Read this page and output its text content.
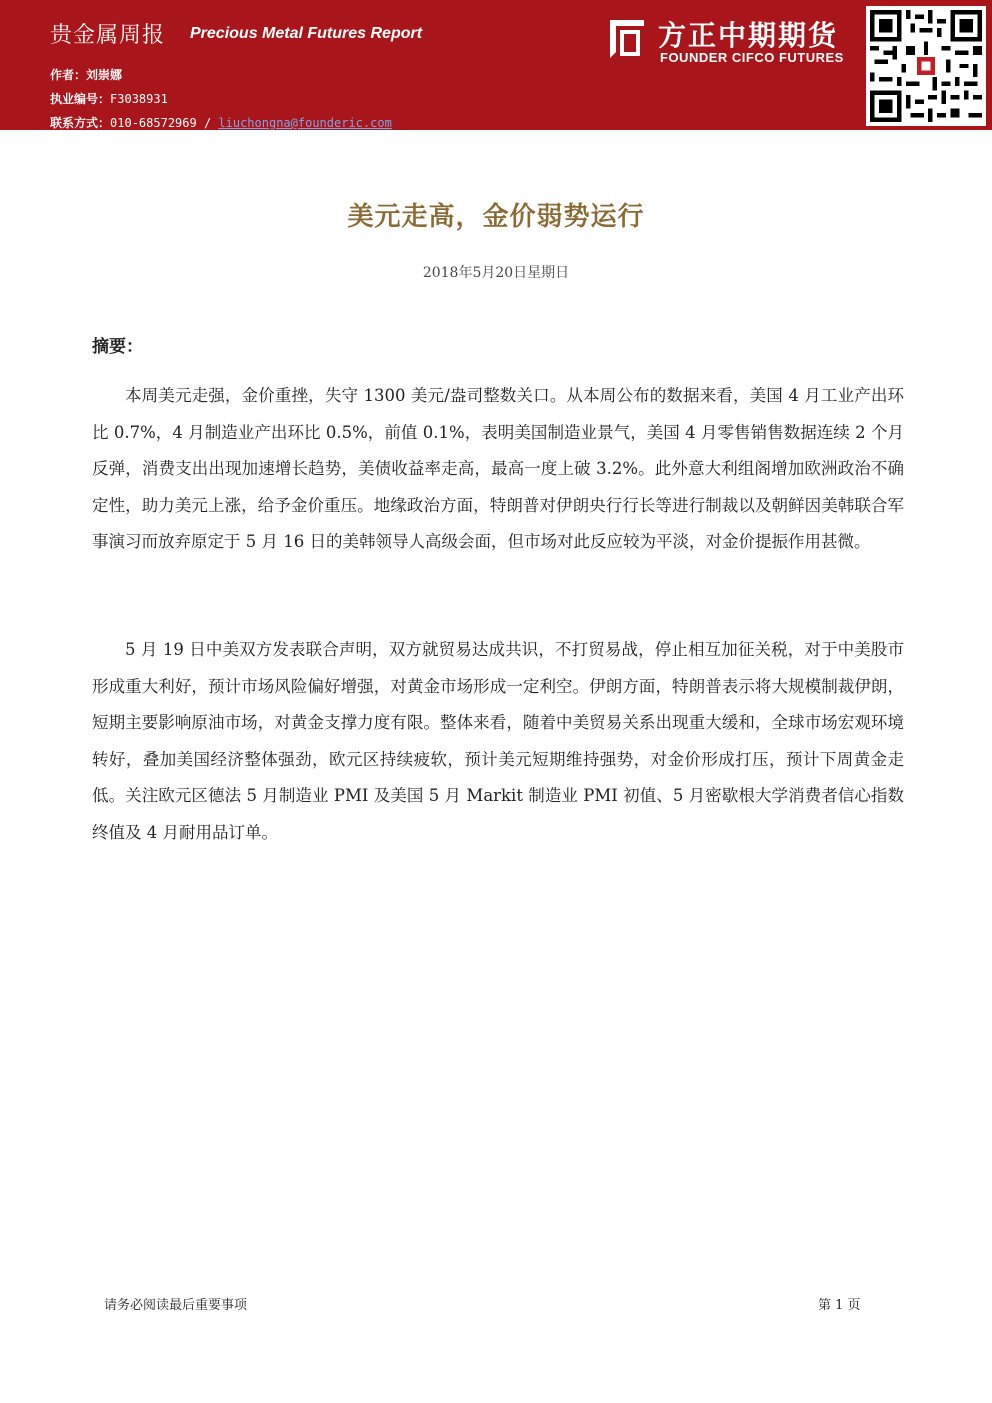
贵金属周报 Precious Metal Futures Report
作者：刘崇娜
执业编号：F3038931
联系方式：010-68572969 / liuchongna@founderic.com
方正中期期货
FOUNDER CIFCO FUTURES
美元走高，金价弱势运行
2018年5月20日星期日
摘要：

本周美元走强，金价重挫，失守 1300 美元/盎司整数关口。从本周公布的数据来看，美国 4 月工业产出环比 0.7%，4 月制造业产出环比 0.5%，前值 0.1%，表明美国制造业景气，美国 4 月零售销售数据连续 2 个月反弹，消费支出出现加速增长趋势，美债收益率走高，最高一度上破 3.2%。此外意大利组阁增加欧洲政治不确定性，助力美元上涨，给予金价重压。地缘政治方面，特朗普对伊朗央行行长等进行制裁以及朝鲜因美韩联合军事演习而放弃原定于 5 月 16 日的美韩领导人高级会面，但市场对此反应较为平淡，对金价提振作用甚微。

5 月 19 日中美双方发表联合声明，双方就贸易达成共识，不打贸易战，停止相互加征关税，对于中美股市形成重大利好，预计市场风险偏好增强，对黄金市场形成一定利空。伊朗方面，特朗普表示将大规模制裁伊朗，短期主要影响原油市场，对黄金支撑力度有限。整体来看，随着中美贸易关系出现重大缓和，全球市场宏观环境转好，叠加美国经济整体强劲，欧元区持续疲软，预计美元短期维持强势，对金价形成打压，预计下周黄金走低。关注欧元区德法 5 月制造业 PMI 及美国 5 月 Markit 制造业 PMI 初值、5 月密歇根大学消费者信心指数终值及 4 月耐用品订单。

请务必阅读最后重要事项	第 1 页
